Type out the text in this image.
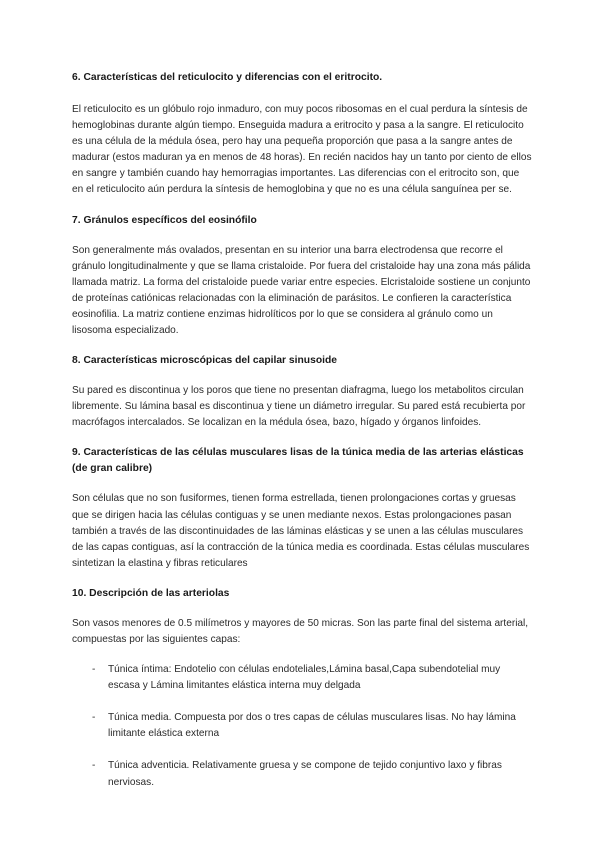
6. Características del reticulocito y diferencias con el eritrocito.

El reticulocito es un glóbulo rojo inmaduro, con muy pocos ribosomas en el cual perdura la síntesis de hemoglobinas durante algún tiempo. Enseguida madura a eritrocito y pasa a la sangre. El reticulocito es una célula de la médula ósea, pero hay una pequeña proporción que pasa a la sangre antes de madurar (estos maduran ya en menos de 48 horas). En recién nacidos hay un tanto por ciento de ellos en sangre y también cuando hay hemorragias importantes. Las diferencias con el eritrocito son, que en el reticulocito aún perdura la síntesis de hemoglobina y que no es una célula sanguínea per se.

7. Gránulos específicos del eosinófilo

Son generalmente más ovalados, presentan en su interior una barra electrodensa que recorre el gránulo longitudinalmente y que se llama cristaloide. Por fuera del cristaloide hay una zona más pálida llamada matriz. La forma del cristaloide puede variar entre especies. Elcristaloide sostiene un conjunto de proteínas catiónicas relacionadas con la eliminación de parásitos. Le confieren la característica eosinofilia. La matriz contiene enzimas hidrolíticos por lo que se considera al gránulo como un lisosoma especializado.

8. Características microscópicas del capilar sinusoide

Su pared es discontinua y los poros que tiene no presentan diafragma, luego los metabolitos circulan libremente. Su lámina basal es discontinua y tiene un diámetro irregular. Su pared está recubierta por macrófagos intercalados. Se localizan en la médula ósea, bazo, hígado y órganos linfoides.

9. Características de las células musculares lisas de la túnica media de las arterias elásticas (de gran calibre)

Son células que no son fusiformes, tienen forma estrellada, tienen prolongaciones cortas y gruesas que se dirigen hacia las células contiguas y se unen mediante nexos. Estas prolongaciones pasan también a través de las discontinuidades de las láminas elásticas y se unen a las células musculares de las capas contiguas, así la contracción de la túnica media es coordinada. Estas células musculares sintetizan la elastina y fibras reticulares

10. Descripción de las arteriolas

Son vasos menores de 0.5 milímetros y mayores de 50 micras. Son las parte final del sistema arterial, compuestas por las siguientes capas:

- Túnica íntima: Endotelio con células endoteliales,Lámina basal,Capa subendotelial muy escasa y Lámina limitantes elástica interna muy delgada
- Túnica media. Compuesta por dos o tres capas de células musculares lisas. No hay lámina limitante elástica externa
- Túnica adventicia. Relativamente gruesa y se compone de tejido conjuntivo laxo y fibras nerviosas.
